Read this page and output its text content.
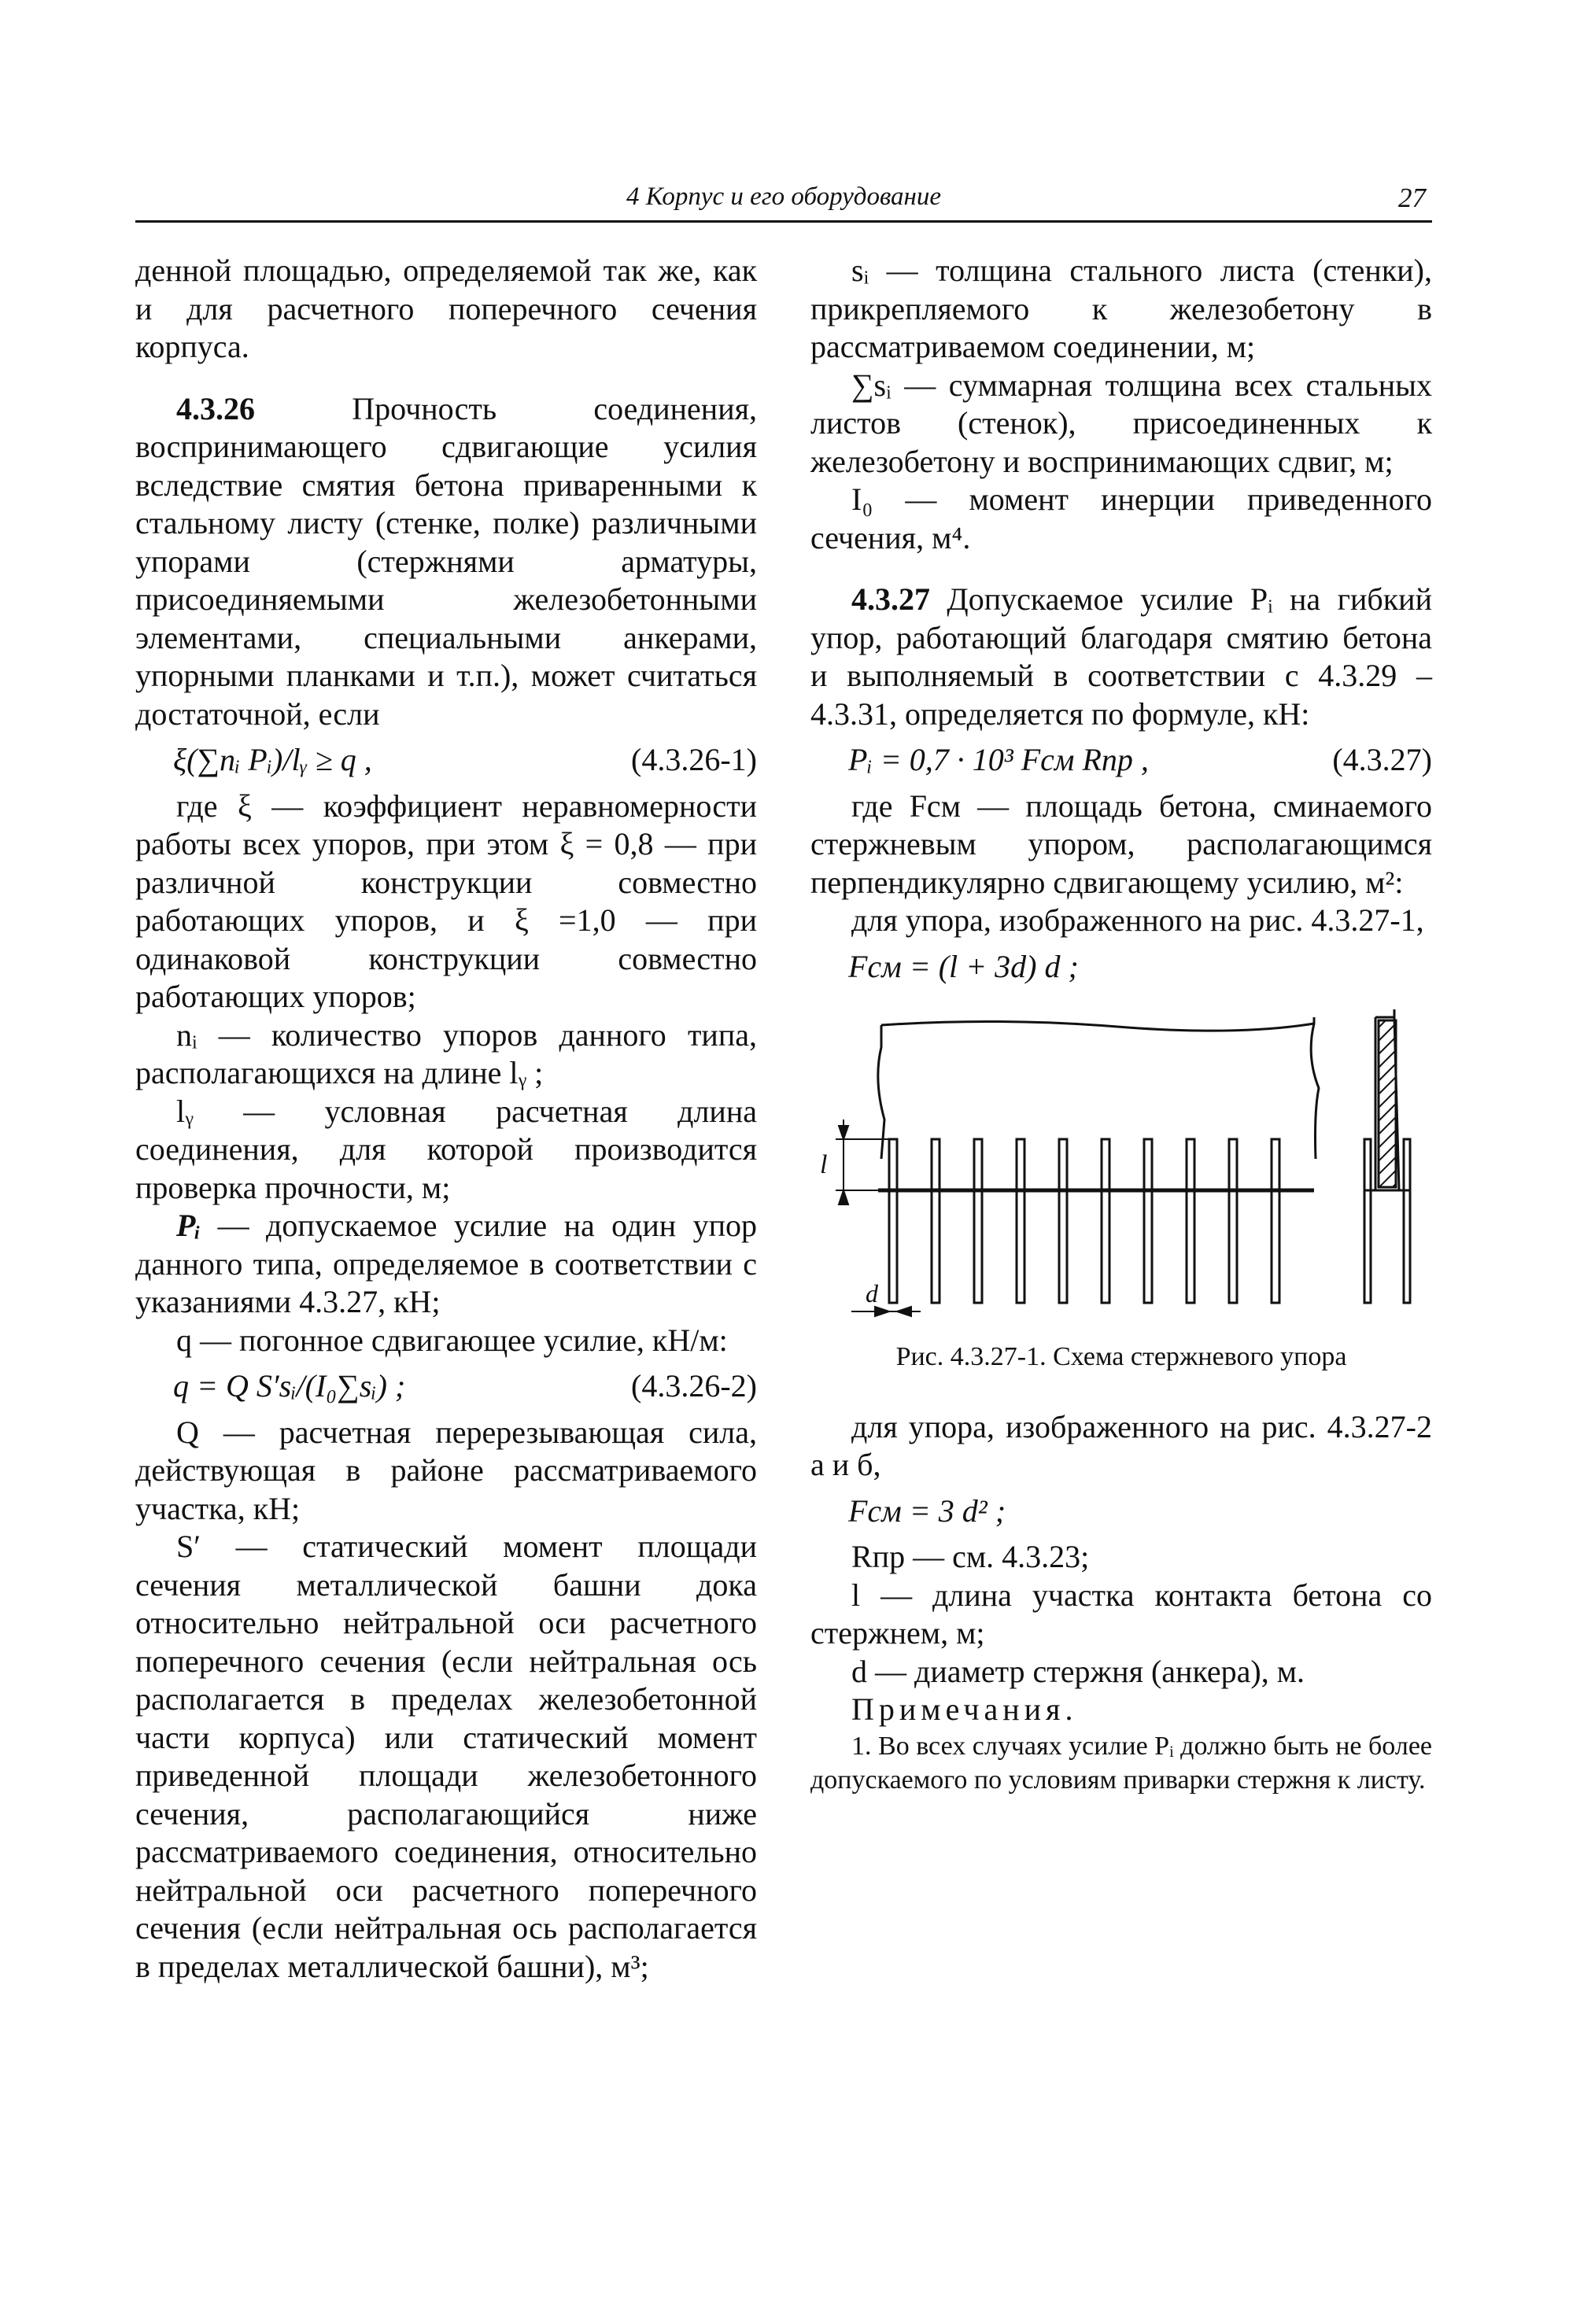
4 Корпус и его оборудование	27

денной площадью, определяемой так же, как и для расчетного поперечного сечения корпуса.

4.3.26 Прочность соединения, воспринимающего сдвигающие усилия вследствие смятия бетона приваренными к стальному листу (стенке, полке) различными упорами (стержнями арматуры, присоединяемыми железобетонными элементами, специальными анкерами, упорными планками и т.п.), может считаться достаточной, если

ξ(∑nᵢ Pᵢ)/lᵧ ≥ q ,	(4.3.26-1)

где ξ — коэффициент неравномерности работы всех упоров, при этом ξ = 0,8 — при различной конструкции совместно работающих упоров, и ξ =1,0 — при одинаковой конструкции совместно работающих упоров;

nᵢ — количество упоров данного типа, располагающихся на длине lᵧ ;

lᵧ — условная расчетная длина соединения, для которой производится проверка прочности, м;

Pᵢ — допускаемое усилие на один упор данного типа, определяемое в соответствии с указаниями 4.3.27, кН;

q — погонное сдвигающее усилие, кН/м:

q = Q S′sᵢ/(I₀∑sᵢ) ;	(4.3.26-2)

Q — расчетная перерезывающая сила, действующая в районе рассматриваемого участка, кН;

S′ — статический момент площади сечения металлической башни дока относительно нейтральной оси расчетного поперечного сечения (если нейтральная ось располагается в пределах железобетонной части корпуса) или статический момент приведенной площади железобетонного сечения, располагающийся ниже рассматриваемого соединения, относительно нейтральной оси расчетного поперечного сечения (если нейтральная ось располагается в пределах металлической башни), м³;

sᵢ — толщина стального листа (стенки), прикрепляемого к железобетону в рассматриваемом соединении, м;

∑sᵢ — суммарная толщина всех стальных листов (стенок), присоединенных к железобетону и воспринимающих сдвиг, м;

I₀ — момент инерции приведенного сечения, м⁴.

4.3.27 Допускаемое усилие Pᵢ на гибкий упор, работающий благодаря смятию бетона и выполняемый в соответствии с 4.3.29 – 4.3.31, определяется по формуле, кН:

Pᵢ = 0,7 · 10³ Fсм Rпр ,	(4.3.27)

где Fсм — площадь бетона, сминаемого стержневым упором, располагающимся перпендикулярно сдвигающему усилию, м²:

для упора, изображенного на рис. 4.3.27-1,

Fсм = (l + 3d) d ;
l
d

Рис. 4.3.27-1. Схема стержневого упора

для упора, изображенного на рис. 4.3.27-2 а и б,

Fсм = 3 d² ;

Rпр — см. 4.3.23;

l — длина участка контакта бетона со стержнем, м;

d — диаметр стержня (анкера), м.

Примечания.

1. Во всех случаях усилие Pᵢ должно быть не более допускаемого по условиям приварки стержня к листу.
